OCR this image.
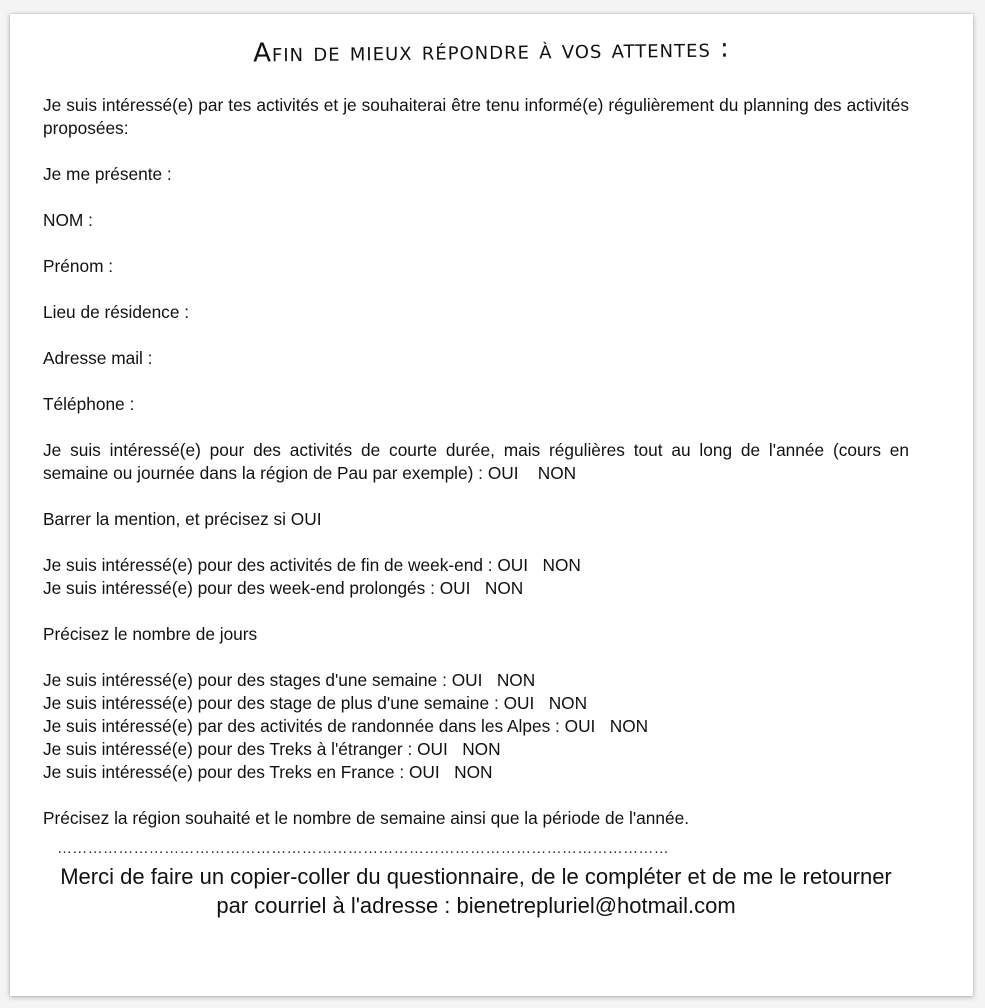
Afin de mieux répondre à vos attentes :

Je suis intéressé(e) par tes activités et je souhaiterai être tenu informé(e) régulièrement du planning des activités proposées:

Je me présente :

NOM :

Prénom :

Lieu de résidence :

Adresse mail :

Téléphone :

Je suis intéressé(e) pour des activités de courte durée, mais régulières tout au long de l'année (cours en semaine ou journée dans la région de Pau par exemple) : OUI    NON

Barrer la mention, et précisez si OUI

Je suis intéressé(e) pour des activités de fin de week-end : OUI   NON

Je suis intéressé(e) pour des week-end prolongés : OUI   NON

Précisez le nombre de jours

Je suis intéressé(e) pour des stages d'une semaine : OUI   NON

Je suis intéressé(e) pour des stage de plus d'une semaine : OUI   NON

Je suis intéressé(e) par des activités de randonnée dans les Alpes : OUI   NON

Je suis intéressé(e) pour des Treks à l'étranger : OUI   NON

Je suis intéressé(e) pour des Treks en France : OUI   NON

Précisez la région souhaité et le nombre de semaine ainsi que la période de l'année.

…………………………………………………………………………………………………………
Merci de faire un copier-coller du questionnaire, de le compléter et de me le retourner par courriel à l'adresse : bienetrepluriel@hotmail.com
